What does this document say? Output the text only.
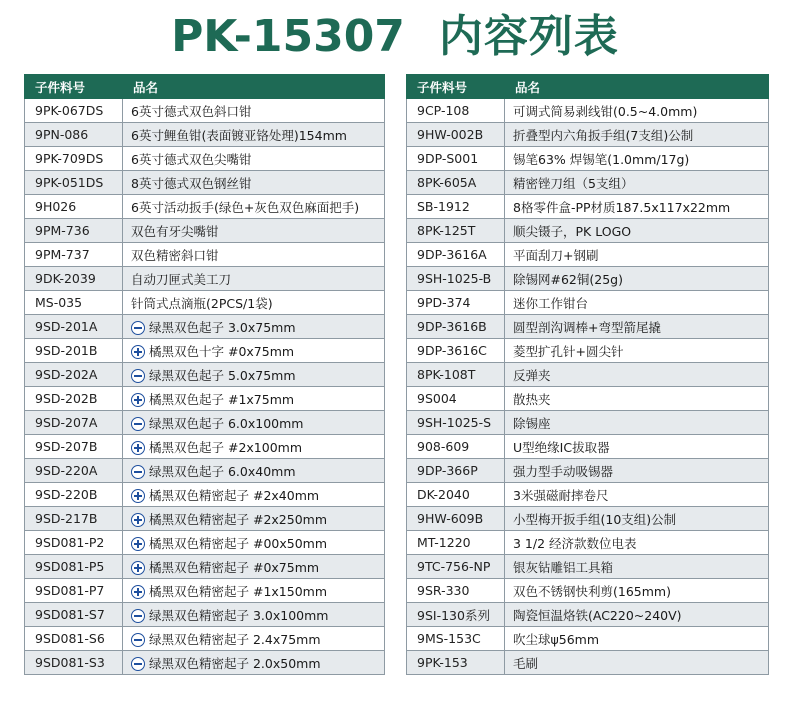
PK-15307 内容列表
子件料号	品名
9PK-067DS	6英寸德式双色斜口钳
9PN-086	6英寸鲤鱼钳(表面镀亚铬处理)154mm
9PK-709DS	6英寸德式双色尖嘴钳
9PK-051DS	8英寸德式双色钢丝钳
9H026	6英寸活动扳手(绿色+灰色双色麻面把手)
9PM-736	双色有牙尖嘴钳
9PM-737	双色精密斜口钳
9DK-2039	自动刀匣式美工刀
MS-035	针筒式点滴瓶(2PCS/1袋)
9SD-201A	绿黑双色起子 3.0x75mm
9SD-201B	橘黑双色十字 #0x75mm
9SD-202A	绿黑双色起子 5.0x75mm
9SD-202B	橘黑双色起子 #1x75mm
9SD-207A	绿黑双色起子 6.0x100mm
9SD-207B	橘黑双色起子 #2x100mm
9SD-220A	绿黑双色起子 6.0x40mm
9SD-220B	橘黑双色精密起子 #2x40mm
9SD-217B	橘黑双色精密起子 #2x250mm
9SD081-P2	橘黑双色精密起子 #00x50mm
9SD081-P5	橘黑双色精密起子 #0x75mm
9SD081-P7	橘黑双色精密起子 #1x150mm
9SD081-S7	绿黑双色精密起子 3.0x100mm
9SD081-S6	绿黑双色精密起子 2.4x75mm
9SD081-S3	绿黑双色精密起子 2.0x50mm
子件料号	品名
9CP-108	可调式简易剥线钳(0.5~4.0mm)
9HW-002B	折叠型内六角扳手组(7支组)公制
9DP-S001	锡笔63% 焊锡笔(1.0mm/17g)
8PK-605A	精密锉刀组（5支组）
SB-1912	8格零件盒-PP材质187.5x117x22mm
8PK-125T	顺尖镊子，PK LOGO
9DP-3616A	平面刮刀+钢刷
9SH-1025-B	除锡网#62铜(25g)
9PD-374	迷你工作钳台
9DP-3616B	圆型剖沟调棒+弯型箭尾撬
9DP-3616C	菱型扩孔针+圆尖针
8PK-108T	反弹夹
9S004	散热夹
9SH-1025-S	除锡座
908-609	U型绝缘IC拔取器
9DP-366P	强力型手动吸锡器
DK-2040	3米强磁耐摔卷尺
9HW-609B	小型梅开扳手组(10支组)公制
MT-1220	3 1/2 经济款数位电表
9TC-756-NP	银灰钻雕铝工具箱
9SR-330	双色不锈钢快利剪(165mm)
9SI-130系列	陶瓷恒温烙铁(AC220~240V)
9MS-153C	吹尘球ψ56mm
9PK-153	毛刷
